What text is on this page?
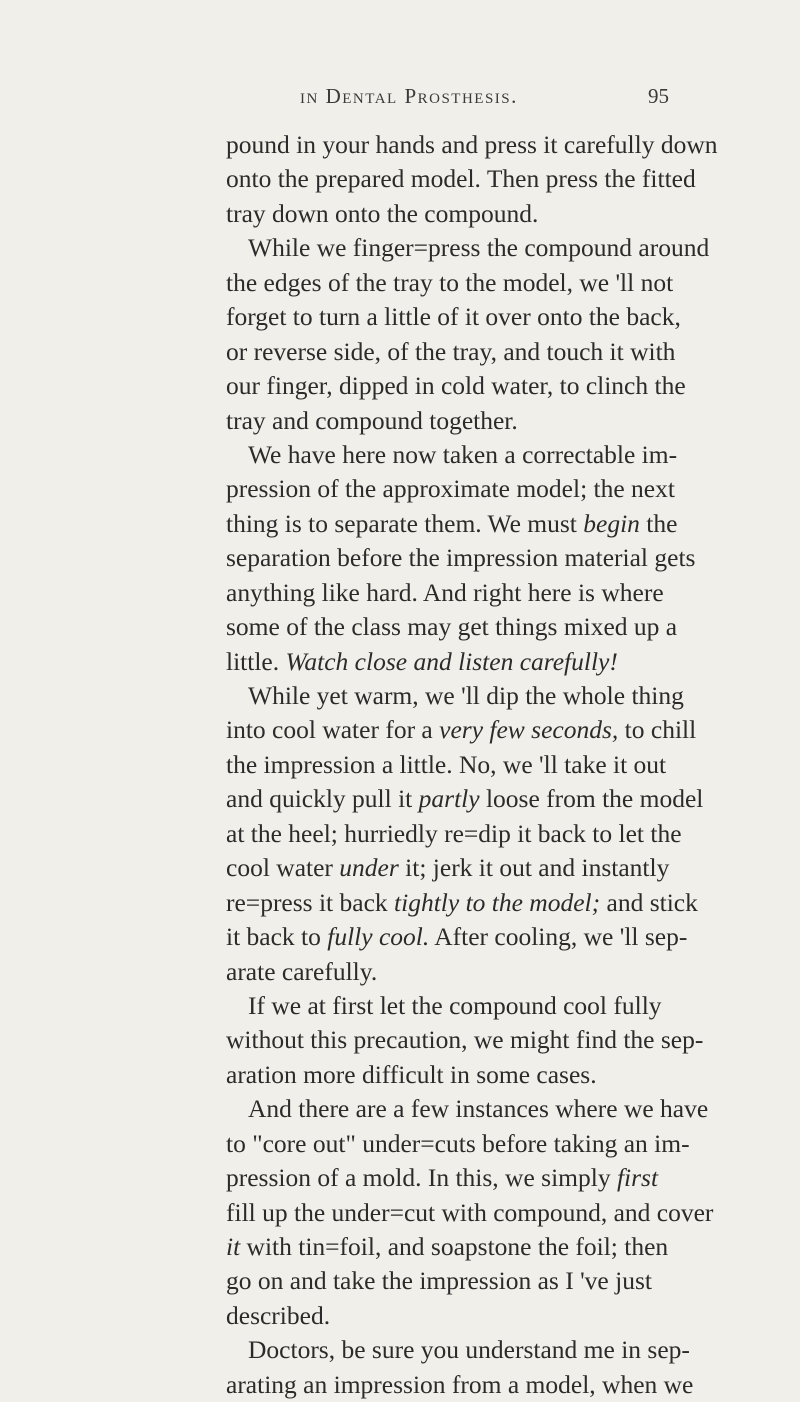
in Dental Prosthesis.	95
pound in your hands and press it carefully down
onto the prepared model. Then press the fitted
tray down onto the compound.
While we finger=press the compound around
the edges of the tray to the model, we 'll not
forget to turn a little of it over onto the back,
or reverse side, of the tray, and touch it with
our finger, dipped in cold water, to clinch the
tray and compound together.
We have here now taken a correctable im-
pression of the approximate model; the next
thing is to separate them. We must begin the
separation before the impression material gets
anything like hard. And right here is where
some of the class may get things mixed up a
little. Watch close and listen carefully!
While yet warm, we 'll dip the whole thing
into cool water for a very few seconds, to chill
the impression a little. No, we 'll take it out
and quickly pull it partly loose from the model
at the heel; hurriedly re=dip it back to let the
cool water under it; jerk it out and instantly
re=press it back tightly to the model; and stick
it back to fully cool. After cooling, we 'll sep-
arate carefully.
If we at first let the compound cool fully
without this precaution, we might find the sep-
aration more difficult in some cases.
And there are a few instances where we have
to "core out" under=cuts before taking an im-
pression of a mold. In this, we simply first
fill up the under=cut with compound, and cover
it with tin=foil, and soapstone the foil; then
go on and take the impression as I 've just
described.
Doctors, be sure you understand me in sep-
arating an impression from a model, when we
